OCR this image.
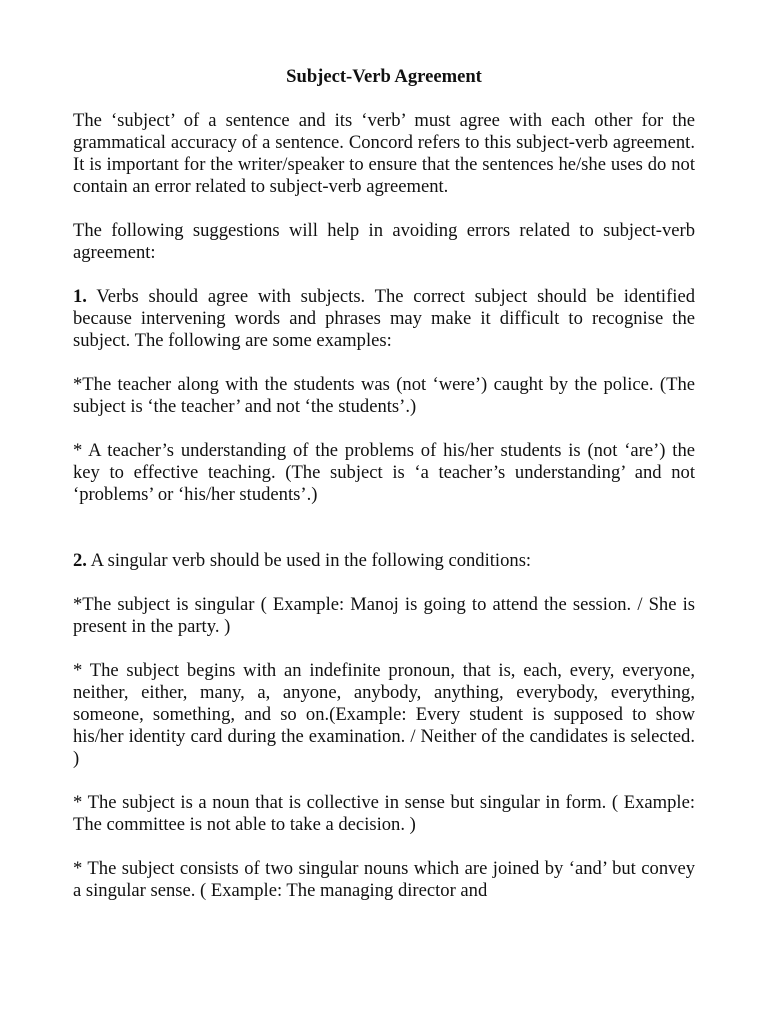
Subject-Verb Agreement

The ‘subject’ of a sentence and its ‘verb’ must agree with each other for the grammatical accuracy of a sentence. Concord refers to this subject-verb agreement. It is important for the writer/speaker to ensure that the sentences he/she uses do not contain an error related to subject-verb agreement.

The following suggestions will help in avoiding errors related to subject-verb agreement:

1. Verbs should agree with subjects. The correct subject should be identified because intervening words and phrases may make it difficult to recognise the subject. The following are some examples:

*The teacher along with the students was (not ‘were’) caught by the police. (The subject is ‘the teacher’ and not ‘the students’.)

* A teacher’s understanding of the problems of his/her students is (not ‘are’) the key to effective teaching. (The subject is ‘a teacher’s understanding’ and not ‘problems’ or ‘his/her students’.)

2. A singular verb should be used in the following conditions:

*The subject is singular ( Example: Manoj is going to attend the session. / She is present in the party. )

* The subject begins with an indefinite pronoun, that is, each, every, everyone, neither, either, many, a, anyone, anybody, anything, everybody, everything, someone, something, and so on.(Example: Every student is supposed to show his/her identity card during the examination. / Neither of the candidates is selected. )

* The subject is a noun that is collective in sense but singular in form. ( Example: The committee is not able to take a decision. )

* The subject consists of two singular nouns which are joined by ‘and’ but convey a singular sense. ( Example: The managing director and
